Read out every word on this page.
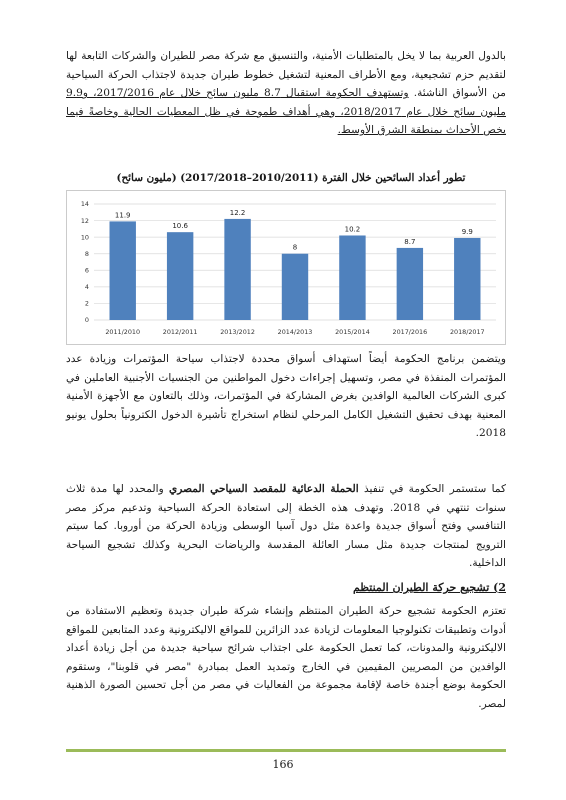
بالدول العربية بما لا يخل بالمتطلبات الأمنية، والتنسيق مع شركة مصر للطيران والشركات التابعة لها لتقديم حزم تشجيعية، ومع الأطراف المعنية لتشغيل خطوط طيران جديدة لاجتذاب الحركة السياحية من الأسواق الناشئة. وتستهدف الحكومة استقبال 8.7 مليون سائح خلال عام 2017/2016، و9.9 مليون سائح خلال عام 2018/2017، وهي أهداف طموحة في ظل المعطيات الحالية وخاصةً فيما يخص الأحداث بمنطقة الشرق الأوسط.

تطور أعداد السائحين خلال الفترة (2010/2011–2017/2018) (مليون سائح)
0
2
4
6
8
10
12
14
11.9
2011/2010
10.6
2012/2011
12.2
2013/2012
8
2014/2013
10.2
2015/2014
8.7
2017/2016
9.9
2018/2017

ويتضمن برنامج الحكومة أيضاً استهداف أسواق محددة لاجتذاب سياحة المؤتمرات وزيادة عدد المؤتمرات المنفذة في مصر، وتسهيل إجراءات دخول المواطنين من الجنسيات الأجنبية العاملين في كبرى الشركات العالمية الوافدين بغرض المشاركة في المؤتمرات، وذلك بالتعاون مع الأجهزة الأمنية المعنية بهدف تحقيق التشغيل الكامل المرحلي لنظام استخراج تأشيرة الدخول الكترونياً بحلول يونيو 2018.

كما ستستمر الحكومة في تنفيذ الحملة الدعائية للمقصد السياحي المصري والمحدد لها مدة ثلاث سنوات تنتهي في 2018. وتهدف هذه الخطة إلى استعادة الحركة السياحية وتدعيم مركز مصر التنافسي وفتح أسواق جديدة واعدة مثل دول آسيا الوسطى وزيادة الحركة من أوروبا. كما سيتم الترويج لمنتجات جديدة مثل مسار العائلة المقدسة والرياضات البحرية وكذلك تشجيع السياحة الداخلية.

2) تشجيع حركة الطيران المنتظم

تعتزم الحكومة تشجيع حركة الطيران المنتظم وإنشاء شركة طيران جديدة وتعظيم الاستفادة من أدوات وتطبيقات تكنولوجيا المعلومات لزيادة عدد الزائرين للمواقع الاليكترونية وعدد المتابعين للمواقع الاليكترونية والمدونات، كما تعمل الحكومة على اجتذاب شرائح سياحية جديدة من أجل زيادة أعداد الوافدين من المصريين المقيمين في الخارج وتمديد العمل بمبادرة "مصر في قلوبنا"، وستقوم الحكومة بوضع أجندة خاصة لإقامة مجموعة من الفعاليات في مصر من أجل تحسين الصورة الذهنية لمصر.

166
